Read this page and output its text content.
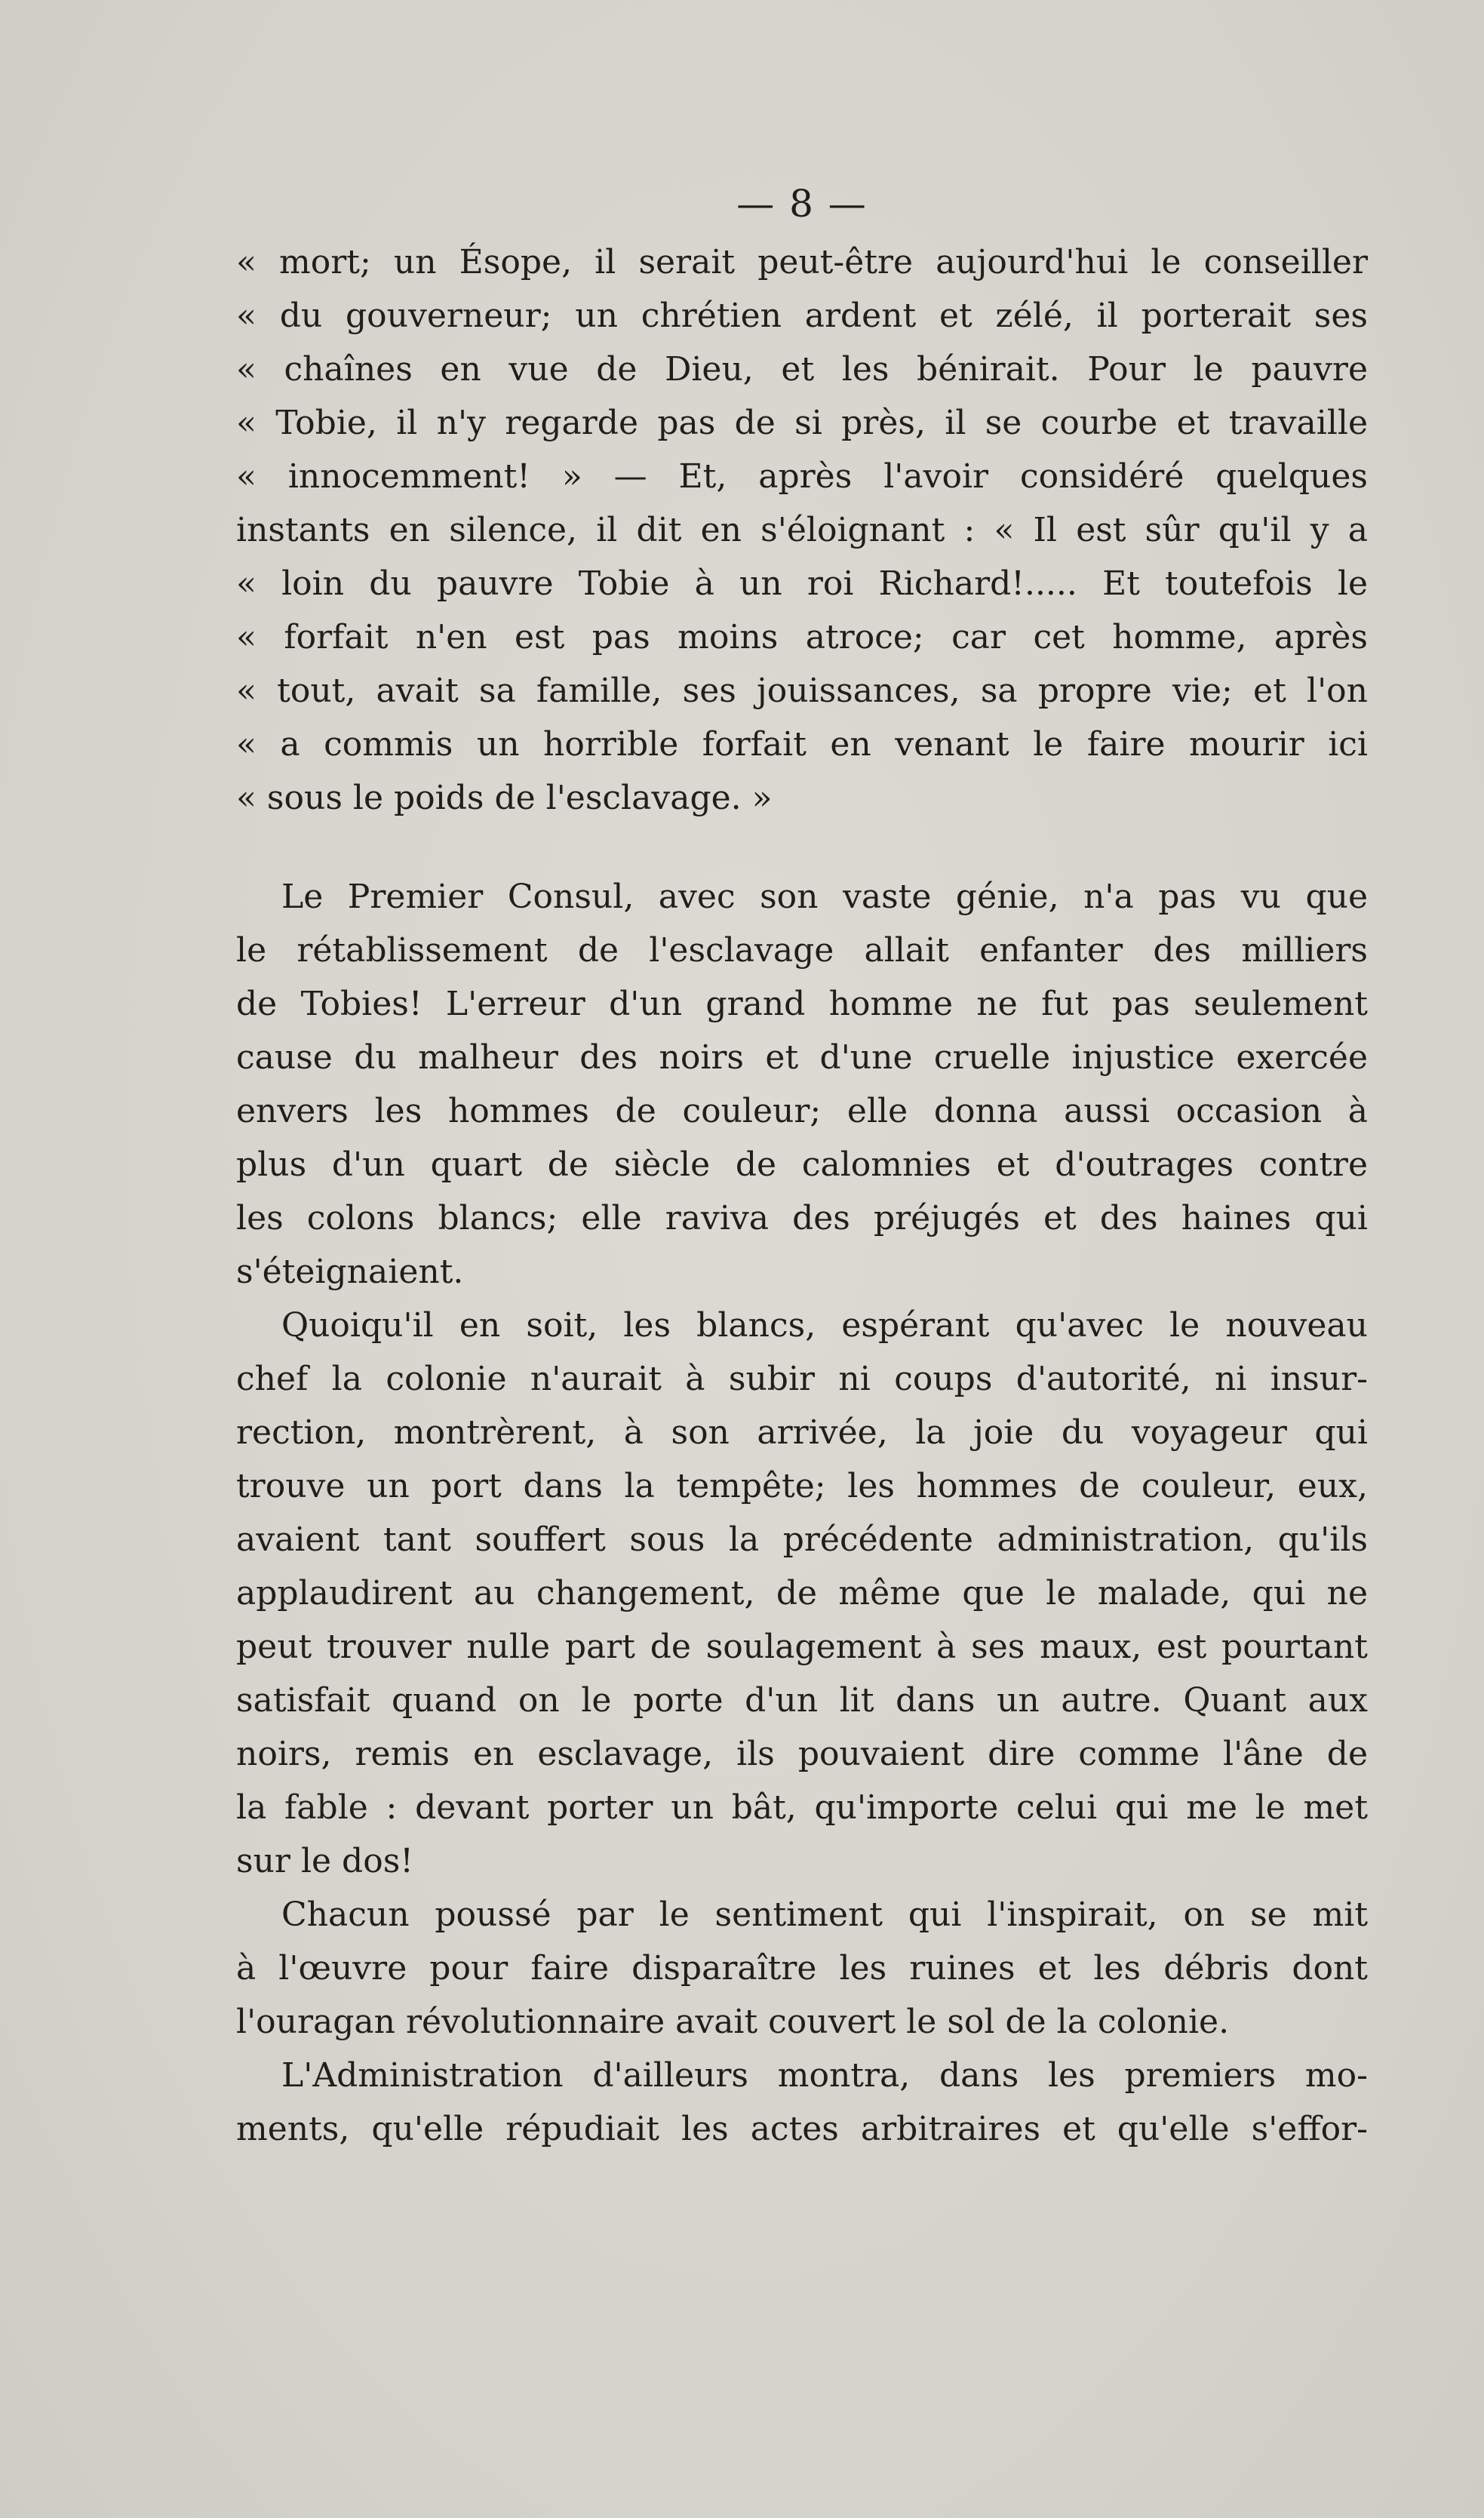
— 8 —
« mort; un Ésope, il serait peut-être aujourd'hui le conseiller
« du gouverneur; un chrétien ardent et zélé, il porterait ses
« chaînes en vue de Dieu, et les bénirait. Pour le pauvre
« Tobie, il n'y regarde pas de si près, il se courbe et travaille
« innocemment! » — Et, après l'avoir considéré quelques
instants en silence, il dit en s'éloignant : « Il est sûr qu'il y a
« loin du pauvre Tobie à un roi Richard!..... Et toutefois le
« forfait n'en est pas moins atroce; car cet homme, après
« tout, avait sa famille, ses jouissances, sa propre vie; et l'on
« a commis un horrible forfait en venant le faire mourir ici
« sous le poids de l'esclavage. »
Le Premier Consul, avec son vaste génie, n'a pas vu que
le rétablissement de l'esclavage allait enfanter des milliers
de Tobies! L'erreur d'un grand homme ne fut pas seulement
cause du malheur des noirs et d'une cruelle injustice exercée
envers les hommes de couleur; elle donna aussi occasion à
plus d'un quart de siècle de calomnies et d'outrages contre
les colons blancs; elle raviva des préjugés et des haines qui
s'éteignaient.
Quoiqu'il en soit, les blancs, espérant qu'avec le nouveau
chef la colonie n'aurait à subir ni coups d'autorité, ni insur-
rection, montrèrent, à son arrivée, la joie du voyageur qui
trouve un port dans la tempête; les hommes de couleur, eux,
avaient tant souffert sous la précédente administration, qu'ils
applaudirent au changement, de même que le malade, qui ne
peut trouver nulle part de soulagement à ses maux, est pourtant
satisfait quand on le porte d'un lit dans un autre. Quant aux
noirs, remis en esclavage, ils pouvaient dire comme l'âne de
la fable : devant porter un bât, qu'importe celui qui me le met
sur le dos!
Chacun poussé par le sentiment qui l'inspirait, on se mit
à l'œuvre pour faire disparaître les ruines et les débris dont
l'ouragan révolutionnaire avait couvert le sol de la colonie.
L'Administration d'ailleurs montra, dans les premiers mo-
ments, qu'elle répudiait les actes arbitraires et qu'elle s'effor-
